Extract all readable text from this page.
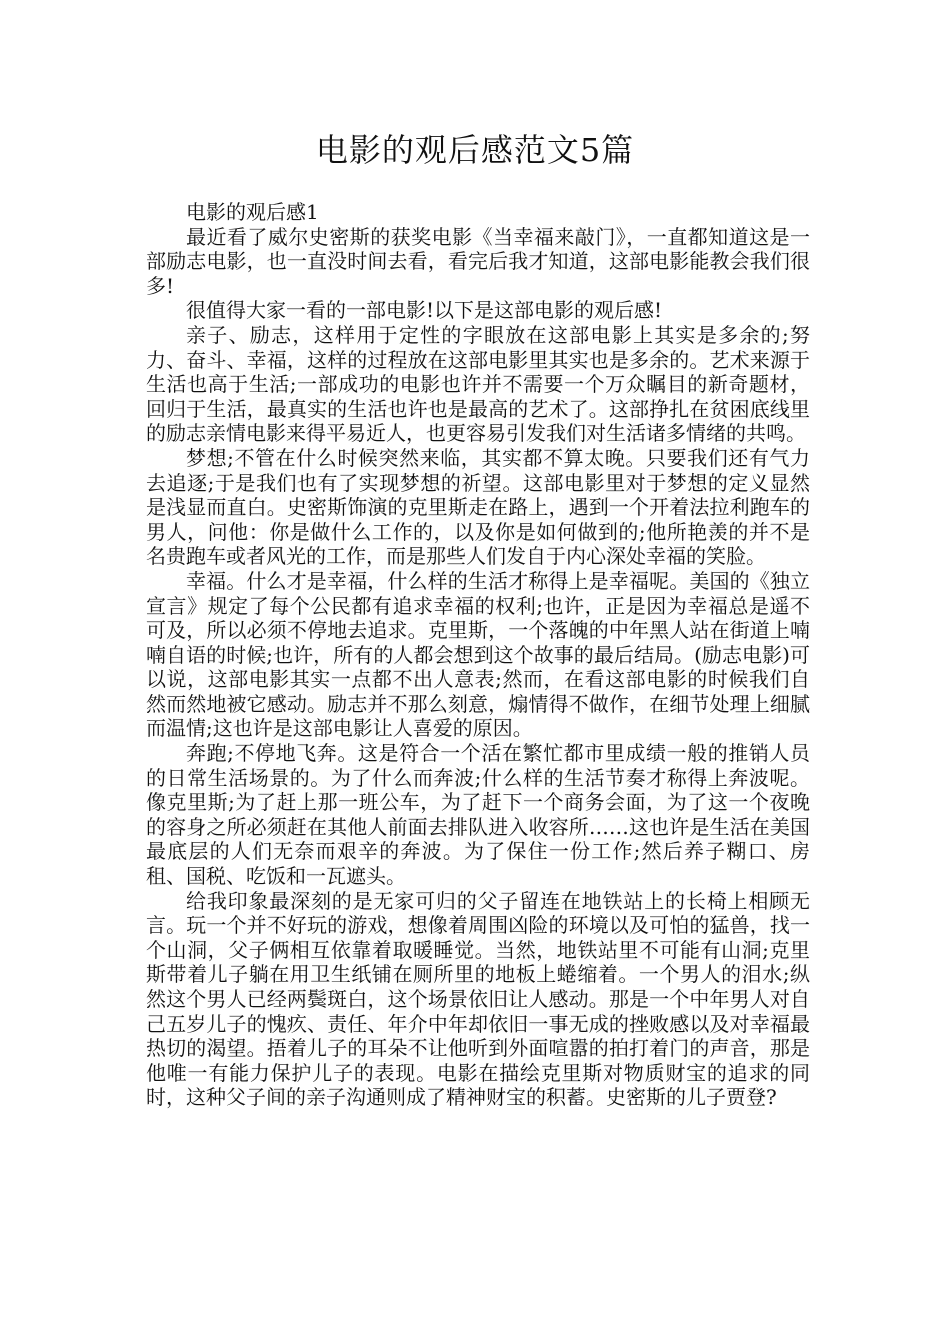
电影的观后感范文5篇

电影的观后感1

最近看了威尔史密斯的获奖电影《当幸福来敲门》，一直都知道这是一部励志电影，也一直没时间去看，看完后我才知道，这部电影能教会我们很多!

很值得大家一看的一部电影!以下是这部电影的观后感!

亲子、励志，这样用于定性的字眼放在这部电影上其实是多余的;努力、奋斗、幸福，这样的过程放在这部电影里其实也是多余的。艺术来源于生活也高于生活;一部成功的电影也许并不需要一个万众瞩目的新奇题材，回归于生活，最真实的生活也许也是最高的艺术了。这部挣扎在贫困底线里的励志亲情电影来得平易近人，也更容易引发我们对生活诸多情绪的共鸣。

梦想;不管在什么时候突然来临，其实都不算太晚。只要我们还有气力去追逐;于是我们也有了实现梦想的祈望。这部电影里对于梦想的定义显然是浅显而直白。史密斯饰演的克里斯走在路上，遇到一个开着法拉利跑车的男人，问他：你是做什么工作的，以及你是如何做到的;他所艳羡的并不是名贵跑车或者风光的工作，而是那些人们发自于内心深处幸福的笑脸。

幸福。什么才是幸福，什么样的生活才称得上是幸福呢。美国的《独立宣言》规定了每个公民都有追求幸福的权利;也许，正是因为幸福总是遥不可及，所以必须不停地去追求。克里斯，一个落魄的中年黑人站在街道上喃喃自语的时候;也许，所有的人都会想到这个故事的最后结局。(励志电影)可以说，这部电影其实一点都不出人意表;然而，在看这部电影的时候我们自然而然地被它感动。励志并不那么刻意，煽情得不做作，在细节处理上细腻而温情;这也许是这部电影让人喜爱的原因。

奔跑;不停地飞奔。这是符合一个活在繁忙都市里成绩一般的推销人员的日常生活场景的。为了什么而奔波;什么样的生活节奏才称得上奔波呢。像克里斯;为了赶上那一班公车，为了赶下一个商务会面，为了这一个夜晚的容身之所必须赶在其他人前面去排队进入收容所……这也许是生活在美国最底层的人们无奈而艰辛的奔波。为了保住一份工作;然后养子糊口、房租、国税、吃饭和一瓦遮头。

给我印象最深刻的是无家可归的父子留连在地铁站上的长椅上相顾无言。玩一个并不好玩的游戏，想像着周围凶险的环境以及可怕的猛兽，找一个山洞，父子俩相互依靠着取暖睡觉。当然，地铁站里不可能有山洞;克里斯带着儿子躺在用卫生纸铺在厕所里的地板上蜷缩着。一个男人的泪水;纵然这个男人已经两鬓斑白，这个场景依旧让人感动。那是一个中年男人对自己五岁儿子的愧疚、责任、年介中年却依旧一事无成的挫败感以及对幸福最热切的渴望。捂着儿子的耳朵不让他听到外面喧嚣的拍打着门的声音，那是他唯一有能力保护儿子的表现。电影在描绘克里斯对物质财宝的追求的同时，这种父子间的亲子沟通则成了精神财宝的积蓄。史密斯的儿子贾登?
